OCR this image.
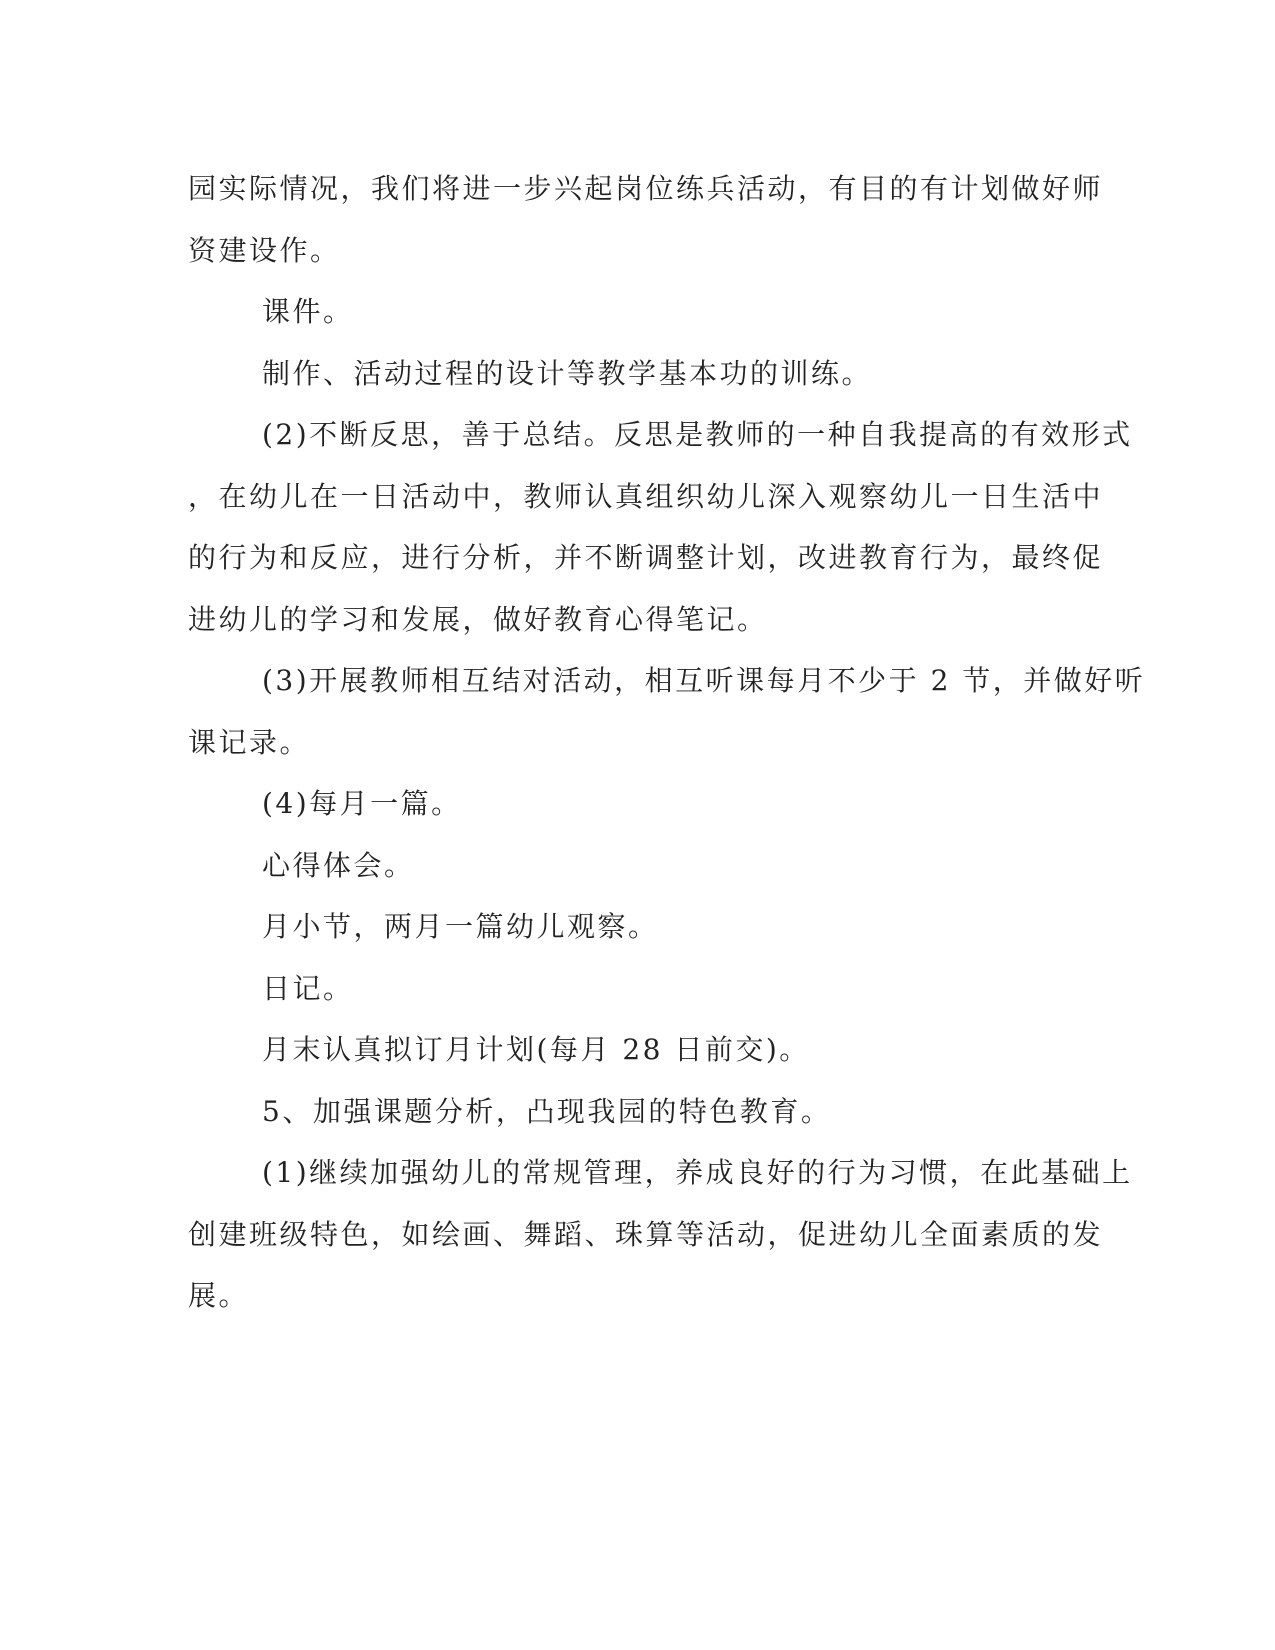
园实际情况，我们将进一步兴起岗位练兵活动，有目的有计划做好师
资建设作。
课件。
制作、活动过程的设计等教学基本功的训练。
(2)不断反思，善于总结。反思是教师的一种自我提高的有效形式
，在幼儿在一日活动中，教师认真组织幼儿深入观察幼儿一日生活中
的行为和反应，进行分析，并不断调整计划，改进教育行为，最终促
进幼儿的学习和发展，做好教育心得笔记。
(3)开展教师相互结对活动，相互听课每月不少于 2 节，并做好听
课记录。
(4)每月一篇。
心得体会。
月小节，两月一篇幼儿观察。
日记。
月末认真拟订月计划(每月 28 日前交)。
5、加强课题分析，凸现我园的特色教育。
(1)继续加强幼儿的常规管理，养成良好的行为习惯，在此基础上
创建班级特色，如绘画、舞蹈、珠算等活动，促进幼儿全面素质的发
展。
